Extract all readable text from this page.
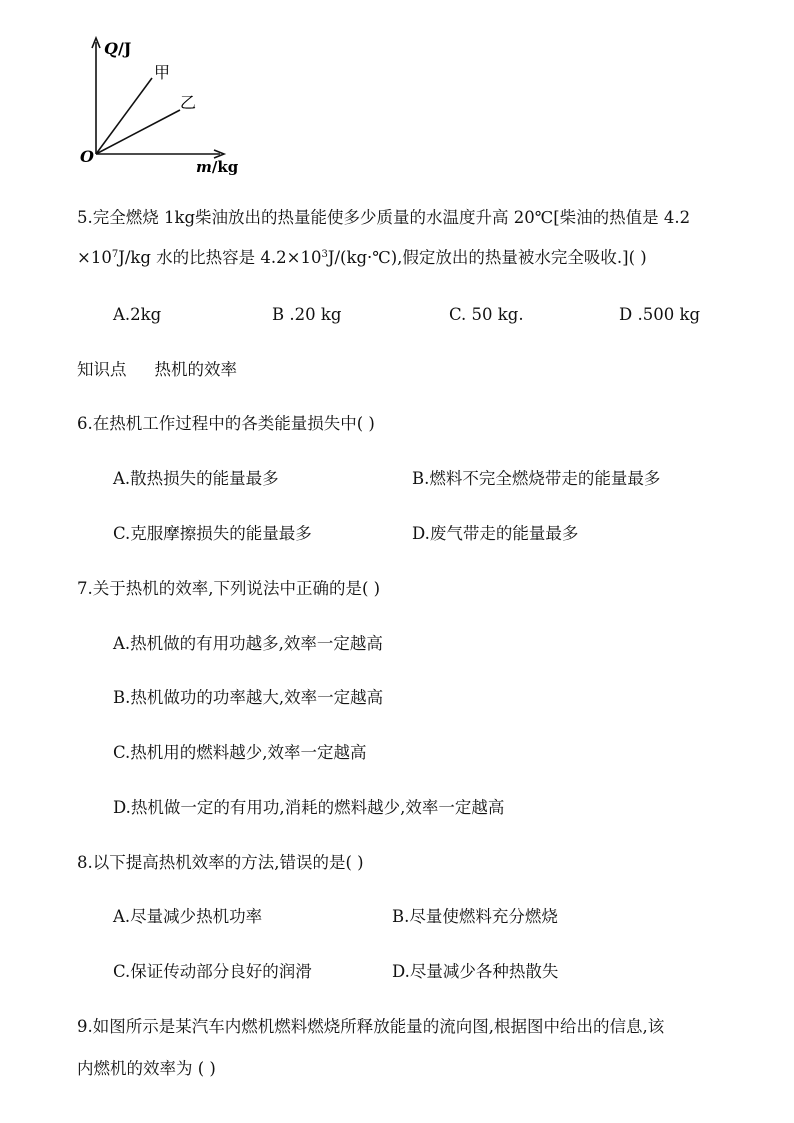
Q/J
甲
乙
O
m/kg
5.完全燃烧 1kg柴油放出的热量能使多少质量的水温度升高 20℃[柴油的热值是 4.2
$\times 10^7J/kg$ 水的比热容是 $4.2\times 10^3J/(kg\cdot℃)$,假定放出的热量被水完全吸收.]( )
A.2kg	B .20 kg	C. 50 kg.	D .500 kg
知识点 热机的效率
6.在热机工作过程中的各类能量损失中( )
A.散热损失的能量最多	B.燃料不完全燃烧带走的能量最多
C.克服摩擦损失的能量最多	D.废气带走的能量最多
7.关于热机的效率,下列说法中正确的是( )
A.热机做的有用功越多,效率一定越高
B.热机做功的功率越大,效率一定越高
C.热机用的燃料越少,效率一定越高
D.热机做一定的有用功,消耗的燃料越少,效率一定越高
8.以下提高热机效率的方法,错误的是( )
A.尽量减少热机功率	B.尽量使燃料充分燃烧
C.保证传动部分良好的润滑	D.尽量减少各种热散失
9.如图所示是某汽车内燃机燃料燃烧所释放能量的流向图,根据图中给出的信息,该
内燃机的效率为 ( )
